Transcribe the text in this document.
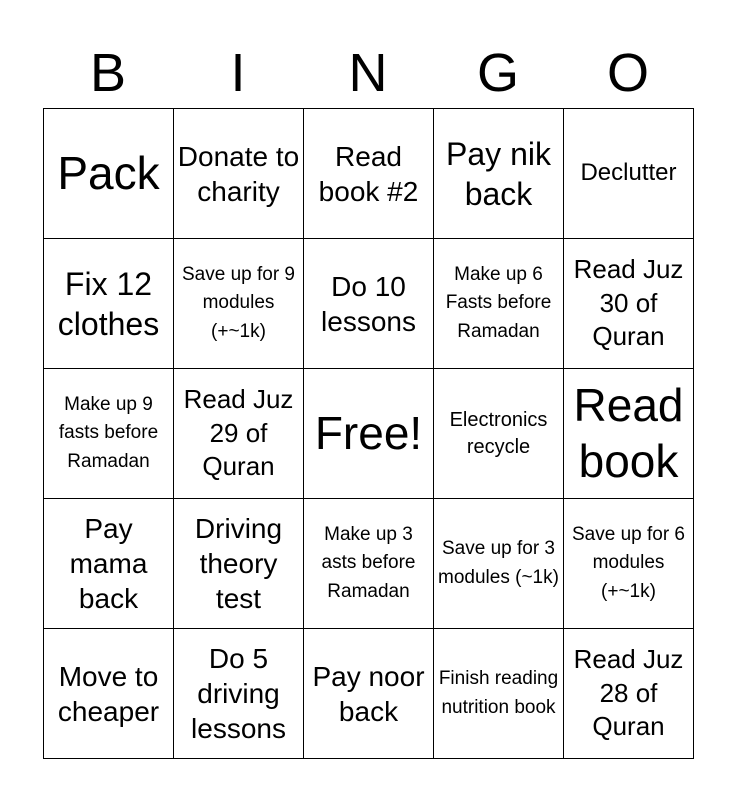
B	I	N	G	O
Pack	Donate to charity	Read book #2	Pay nik back	Declutter
Fix 12 clothes	Save up for 9 modules (+~1k)	Do 10 lessons	Make up 6 Fasts before Ramadan	Read Juz 30 of Quran
Make up 9 fasts before Ramadan	Read Juz 29 of Quran	Free!	Electronics recycle	Read book
Pay mama back	Driving theory test	Make up 3 asts before Ramadan	Save up for 3 modules (~1k)	Save up for 6 modules (+~1k)
Move to cheaper	Do 5 driving lessons	Pay noor back	Finish reading nutrition book	Read Juz 28 of Quran
